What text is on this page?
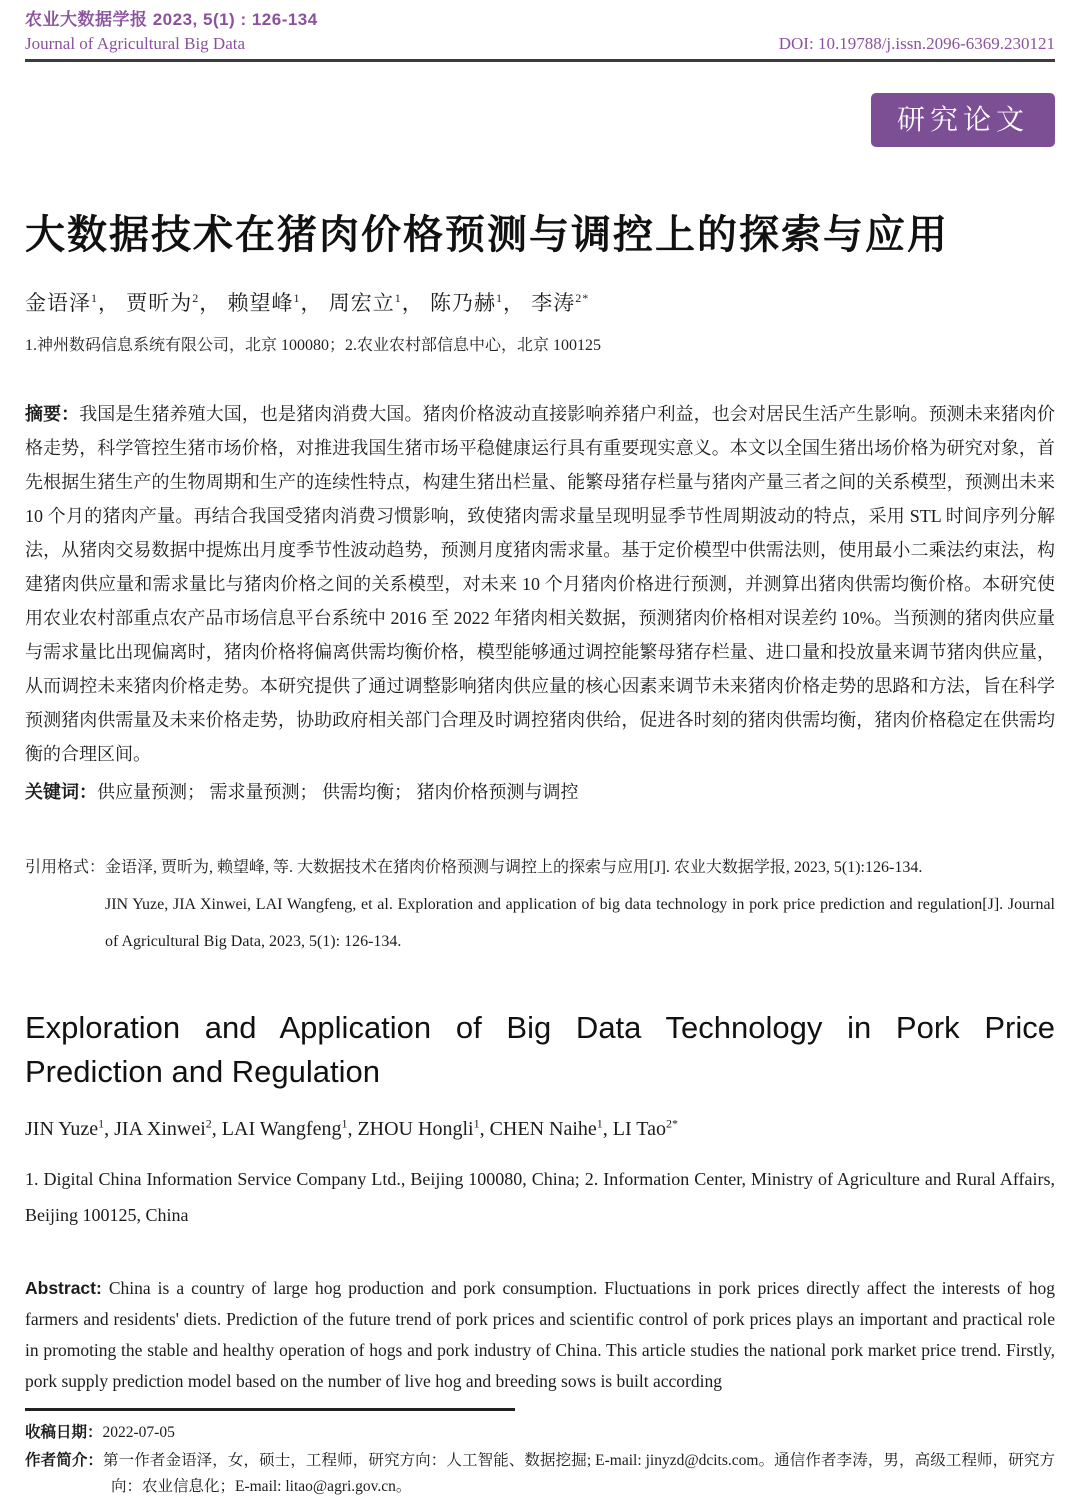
农业大数据学报 2023, 5(1) : 126-134
Journal of Agricultural Big Data	DOI: 10.19788/j.issn.2096-6369.230121
研究论文
大数据技术在猪肉价格预测与调控上的探索与应用
金语泽$^1$， 贾昕为$^2$， 赖望峰$^1$， 周宏立$^1$， 陈乃赫$^1$， 李涛$^{2*}$
1.神州数码信息系统有限公司，北京 100080；2.农业农村部信息中心，北京 100125

摘要：我国是生猪养殖大国，也是猪肉消费大国。猪肉价格波动直接影响养猪户利益，也会对居民生活产生影响。预测未来猪肉价格走势，科学管控生猪市场价格，对推进我国生猪市场平稳健康运行具有重要现实意义。本文以全国生猪出场价格为研究对象，首先根据生猪生产的生物周期和生产的连续性特点，构建生猪出栏量、能繁母猪存栏量与猪肉产量三者之间的关系模型，预测出未来 10 个月的猪肉产量。再结合我国受猪肉消费习惯影响，致使猪肉需求量呈现明显季节性周期波动的特点，采用 STL 时间序列分解法，从猪肉交易数据中提炼出月度季节性波动趋势，预测月度猪肉需求量。基于定价模型中供需法则，使用最小二乘法约束法，构建猪肉供应量和需求量比与猪肉价格之间的关系模型，对未来 10 个月猪肉价格进行预测，并测算出猪肉供需均衡价格。本研究使用农业农村部重点农产品市场信息平台系统中 2016 至 2022 年猪肉相关数据，预测猪肉价格相对误差约 10%。当预测的猪肉供应量与需求量比出现偏离时，猪肉价格将偏离供需均衡价格，模型能够通过调控能繁母猪存栏量、进口量和投放量来调节猪肉供应量，从而调控未来猪肉价格走势。本研究提供了通过调整影响猪肉供应量的核心因素来调节未来猪肉价格走势的思路和方法，旨在科学预测猪肉供需量及未来价格走势，协助政府相关部门合理及时调控猪肉供给，促进各时刻的猪肉供需均衡，猪肉价格稳定在供需均衡的合理区间。

关键词：供应量预测； 需求量预测； 供需均衡； 猪肉价格预测与调控

引用格式：金语泽, 贾昕为, 赖望峰, 等. 大数据技术在猪肉价格预测与调控上的探索与应用[J]. 农业大数据学报, 2023, 5(1):126-134.

JIN Yuze, JIA Xinwei, LAI Wangfeng, et al. Exploration and application of big data technology in pork price prediction and regulation[J]. Journal of Agricultural Big Data, 2023, 5(1): 126-134.

Exploration and Application of Big Data Technology in Pork Price Prediction and Regulation
JIN Yuze$^1$, JIA Xinwei$^2$, LAI Wangfeng$^1$, ZHOU Hongli$^1$, CHEN Naihe$^1$, LI Tao$^{2*}$
1. Digital China Information Service Company Ltd., Beijing 100080, China; 2. Information Center, Ministry of Agriculture and Rural Affairs, Beijing 100125, China

Abstract: China is a country of large hog production and pork consumption. Fluctuations in pork prices directly affect the interests of hog farmers and residents' diets. Prediction of the future trend of pork prices and scientific control of pork prices plays an important and practical role in promoting the stable and healthy operation of hogs and pork industry of China. This article studies the national pork market price trend. Firstly, pork supply prediction model based on the number of live hog and breeding sows is built according

收稿日期：2022-07-05
作者简介：第一作者金语泽，女，硕士，工程师，研究方向：人工智能、数据挖掘; E-mail: jinyzd@dcits.com。通信作者李涛，男，高级工程师，研究方向：农业信息化；E-mail: litao@agri.gov.cn。
